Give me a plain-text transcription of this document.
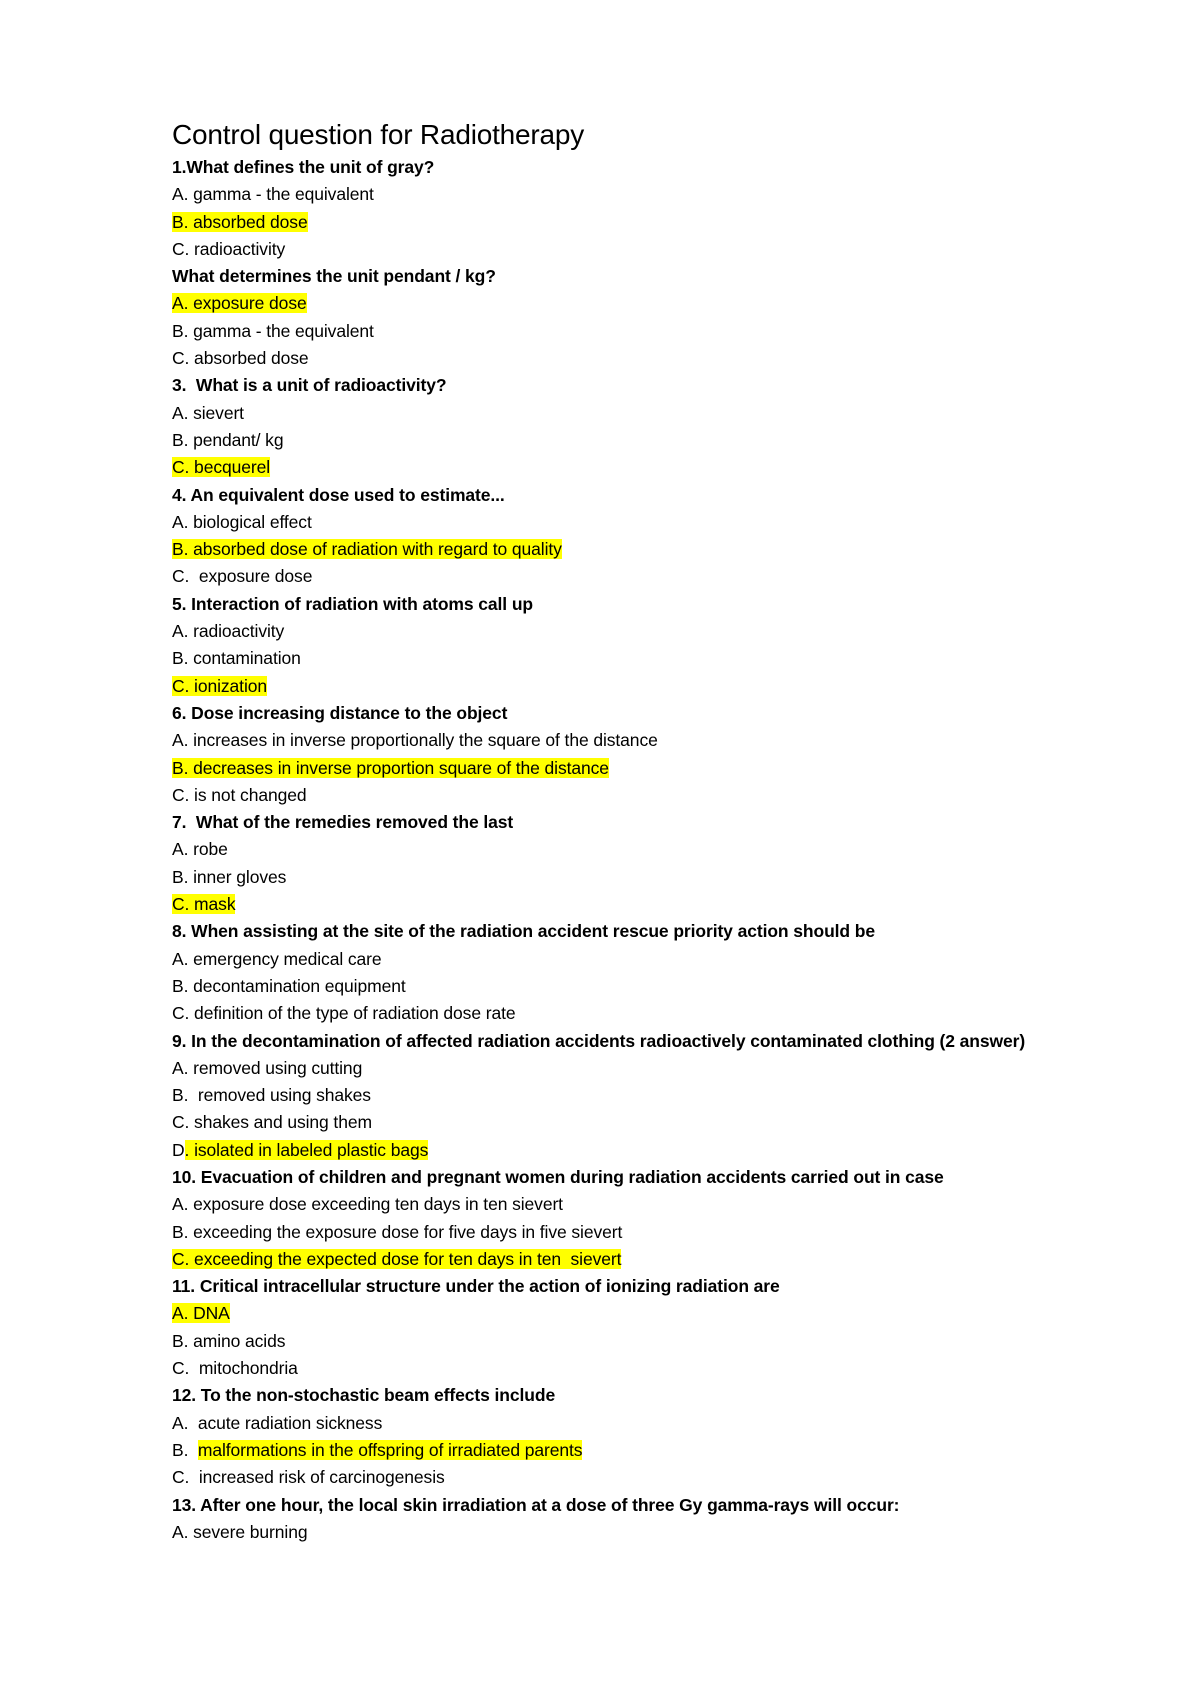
Control question for Radiotherapy
1.What defines the unit of gray?
A. gamma - the equivalent
B. absorbed dose
C. radioactivity
What determines the unit pendant / kg?
A. exposure dose
B. gamma - the equivalent
C. absorbed dose
3.  What is a unit of radioactivity?
A. sievert
B. pendant/ kg
C. becquerel
4. An equivalent dose used to estimate...
A. biological effect
B. absorbed dose of radiation with regard to quality
C.  exposure dose
5. Interaction of radiation with atoms call up
A. radioactivity
B. contamination
C. ionization
6. Dose increasing distance to the object
A. increases in inverse proportionally the square of the distance
B. decreases in inverse proportion square of the distance
C. is not changed
7.  What of the remedies removed the last
A. robe
B. inner gloves
C. mask
8. When assisting at the site of the radiation accident rescue priority action should be
A. emergency medical care
B. decontamination equipment
C. definition of the type of radiation dose rate
9. In the decontamination of affected radiation accidents radioactively contaminated clothing (2 answer)
A. removed using cutting
B.  removed using shakes
C. shakes and using them
D. isolated in labeled plastic bags
10. Evacuation of children and pregnant women during radiation accidents carried out in case
A. exposure dose exceeding ten days in ten sievert
B. exceeding the exposure dose for five days in five sievert
C. exceeding the expected dose for ten days in ten  sievert
11. Critical intracellular structure under the action of ionizing radiation are
A. DNA
B. amino acids
C.  mitochondria
12. To the non-stochastic beam effects include
A.  acute radiation sickness
B.  malformations in the offspring of irradiated parents
C.  increased risk of carcinogenesis
13. After one hour, the local skin irradiation at a dose of three Gy gamma-rays will occur:
A. severe burning
